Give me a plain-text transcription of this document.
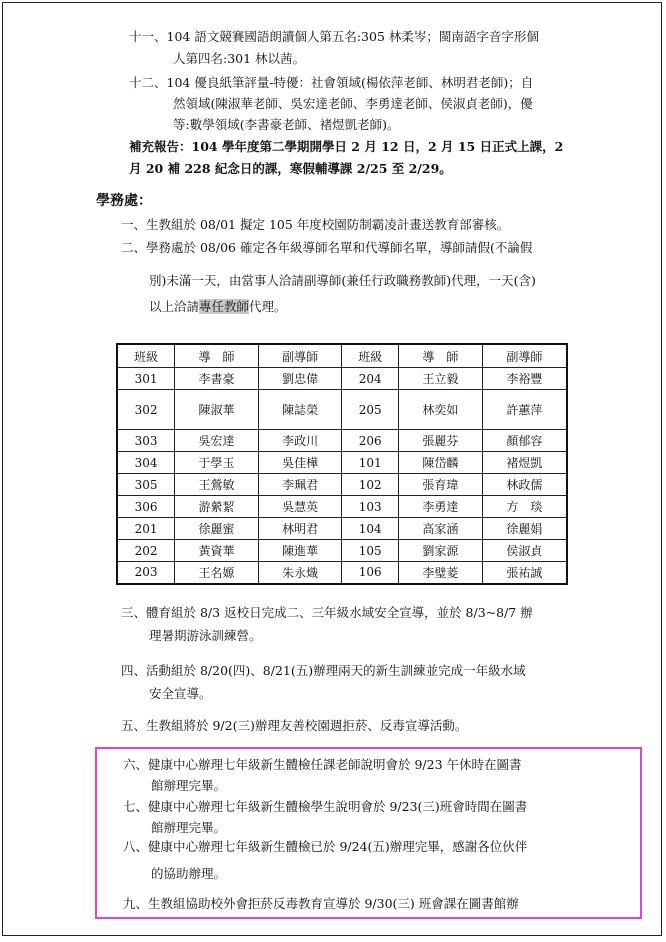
十一、104 語文競賽國語朗讀個人第五名:305 林柔岑；閩南語字音字形個
人第四名:301 林以茜。
十二、104 優良紙筆評量-特優：社會領域(楊依萍老師、林明君老師)；自
然領域(陳淑華老師、吳宏達老師、李勇達老師、侯淑貞老師)，優
等:數學領域(李書豪老師、褚煜凱老師)。
補充報告：104 學年度第二學期開學日 2 月 12 日，2 月 15 日正式上課，2
月 20 補 228 紀念日的課，寒假輔導課 2/25 至 2/29。
學務處：
一、生教組於 08/01 擬定 105 年度校園防制霸凌計畫送教育部審核。
二、學務處於 08/06 確定各年級導師名單和代導師名單，導師請假(不論假
別)未滿一天，由當事人洽請副導師(兼任行政職務教師)代理，一天(含)
以上洽請專任教師代理。
班級	導　師	副導師	班級	導　師	副導師
301	李書豪	劉忠偉	204	王立毅	李裕豐
302	陳淑華	陳誌榮	205	林奕如	許蕙萍
303	吳宏達	李政川	206	張麗芬	顏郁容
304	于學玉	吳佳樺	101	陳岱麟	褚煜凱
305	王鶯敏	李珮君	102	張育瑋	林政儒
306	游縈絜	吳慧英	103	李勇達	方　琰
201	徐麗蜜	林明君	104	高家涵	徐麗娟
202	黃資華	陳進華	105	劉家源	侯淑貞
203	王名嫄	朱永熾	106	李璧菱	張祐誠
三、體育組於 8/3 返校日完成二、三年級水域安全宣導，並於 8/3~8/7 辦
理暑期游泳訓練營。
四、活動組於 8/20(四)、8/21(五)辦理兩天的新生訓練並完成一年級水域
安全宣導。
五、生教組將於 9/2(三)辦理友善校園週拒菸、反毒宣導活動。
六、健康中心辦理七年級新生體檢任課老師說明會於 9/23 午休時在圖書
館辦理完畢。
七、健康中心辦理七年級新生體檢學生說明會於 9/23(三)班會時間在圖書
館辦理完畢。
八、健康中心辦理七年級新生體檢已於 9/24(五)辦理完畢，感謝各位伙伴
的協助辦理。
九、生教組協助校外會拒菸反毒教育宣導於 9/30(三) 班會課在圖書館辦
